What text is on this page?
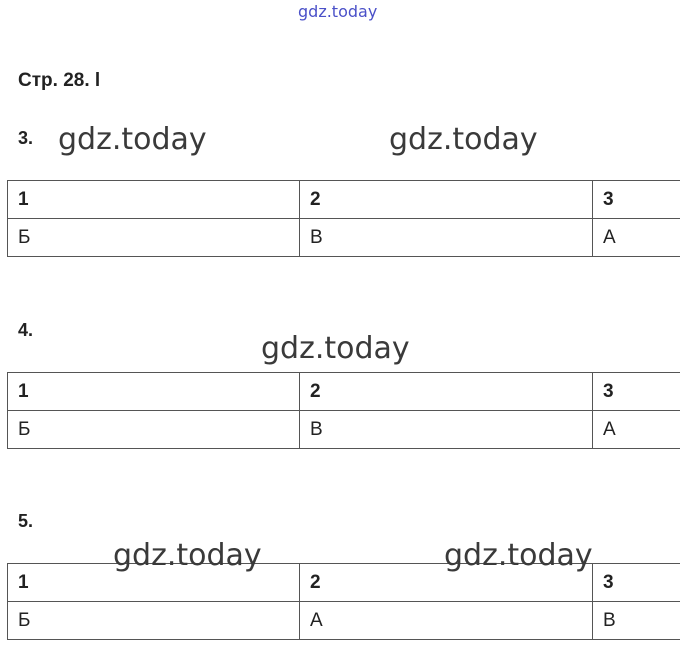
gdz.today
Стр. 28. l
3. gdz.today	gdz.today
1	2	3
Б	В	А
4.
gdz.today
1	2	3
Б	В	А
5.
1	2	3
Б	А	В
gdz.today	gdz.today
